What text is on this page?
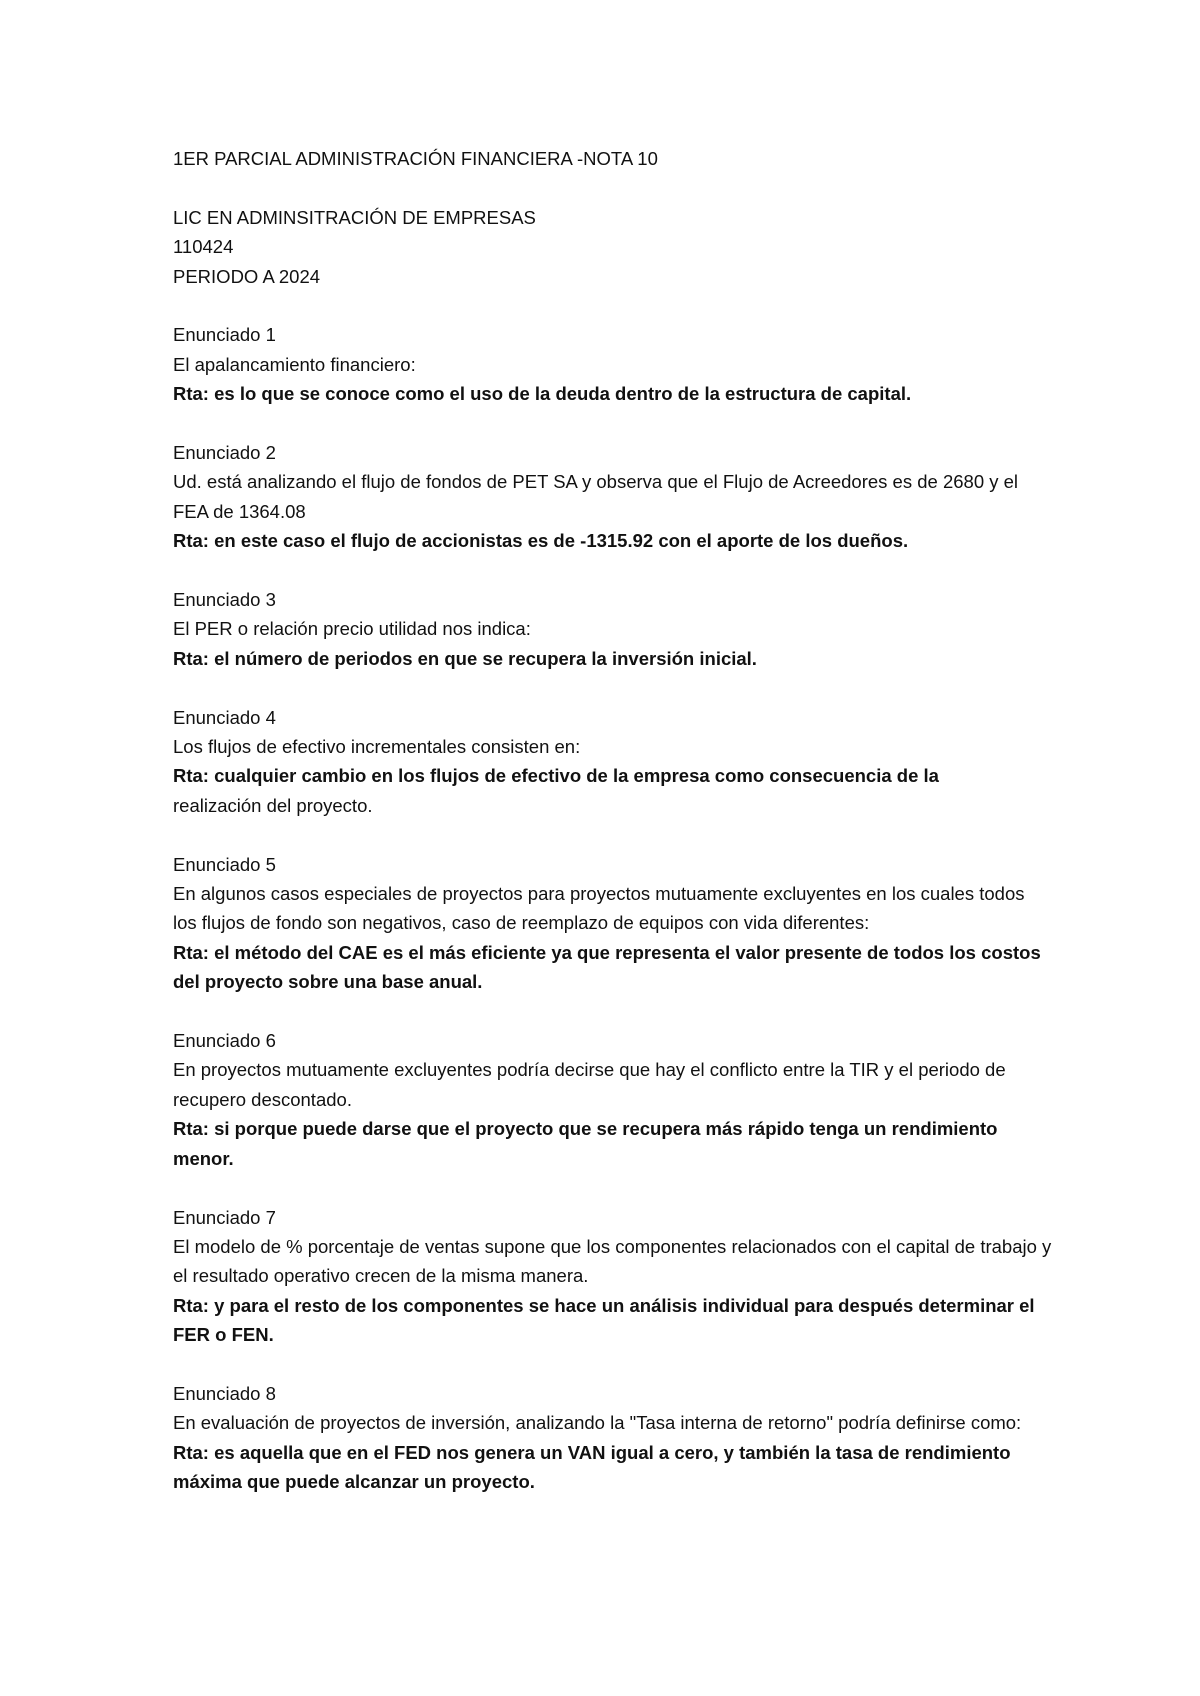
1ER PARCIAL ADMINISTRACIÓN FINANCIERA -NOTA 10

LIC EN ADMINSITRACIÓN DE EMPRESAS

110424

PERIODO A 2024

Enunciado 1

El apalancamiento financiero:

Rta: es lo que se conoce como el uso de la deuda dentro de la estructura de capital.

Enunciado 2

Ud. está analizando el flujo de fondos de PET SA y observa que el Flujo de Acreedores es de 2680 y el FEA de 1364.08

Rta: en este caso el flujo de accionistas es de -1315.92 con el aporte de los dueños.

Enunciado 3

El PER o relación precio utilidad nos indica:

Rta: el número de periodos en que se recupera la inversión inicial.

Enunciado 4

Los flujos de efectivo incrementales consisten en:

Rta: cualquier cambio en los flujos de efectivo de la empresa como consecuencia de la

realización del proyecto.

Enunciado 5

En algunos casos especiales de proyectos para proyectos mutuamente excluyentes en los cuales todos los flujos de fondo son negativos, caso de reemplazo de equipos con vida diferentes:

Rta: el método del CAE es el más eficiente ya que representa el valor presente de todos los costos del proyecto sobre una base anual.

Enunciado 6

En proyectos mutuamente excluyentes podría decirse que hay el conflicto entre la TIR y el periodo de recupero descontado.

Rta: si porque puede darse que el proyecto que se recupera más rápido tenga un rendimiento menor.

Enunciado 7

El modelo de % porcentaje de ventas supone que los componentes relacionados con el capital de trabajo y el resultado operativo crecen de la misma manera.

Rta: y para el resto de los componentes se hace un análisis individual para después determinar el FER o FEN.

Enunciado 8

En evaluación de proyectos de inversión, analizando la "Tasa interna de retorno" podría definirse como:

Rta: es aquella que en el FED nos genera un VAN igual a cero, y también la tasa de rendimiento máxima que puede alcanzar un proyecto.
